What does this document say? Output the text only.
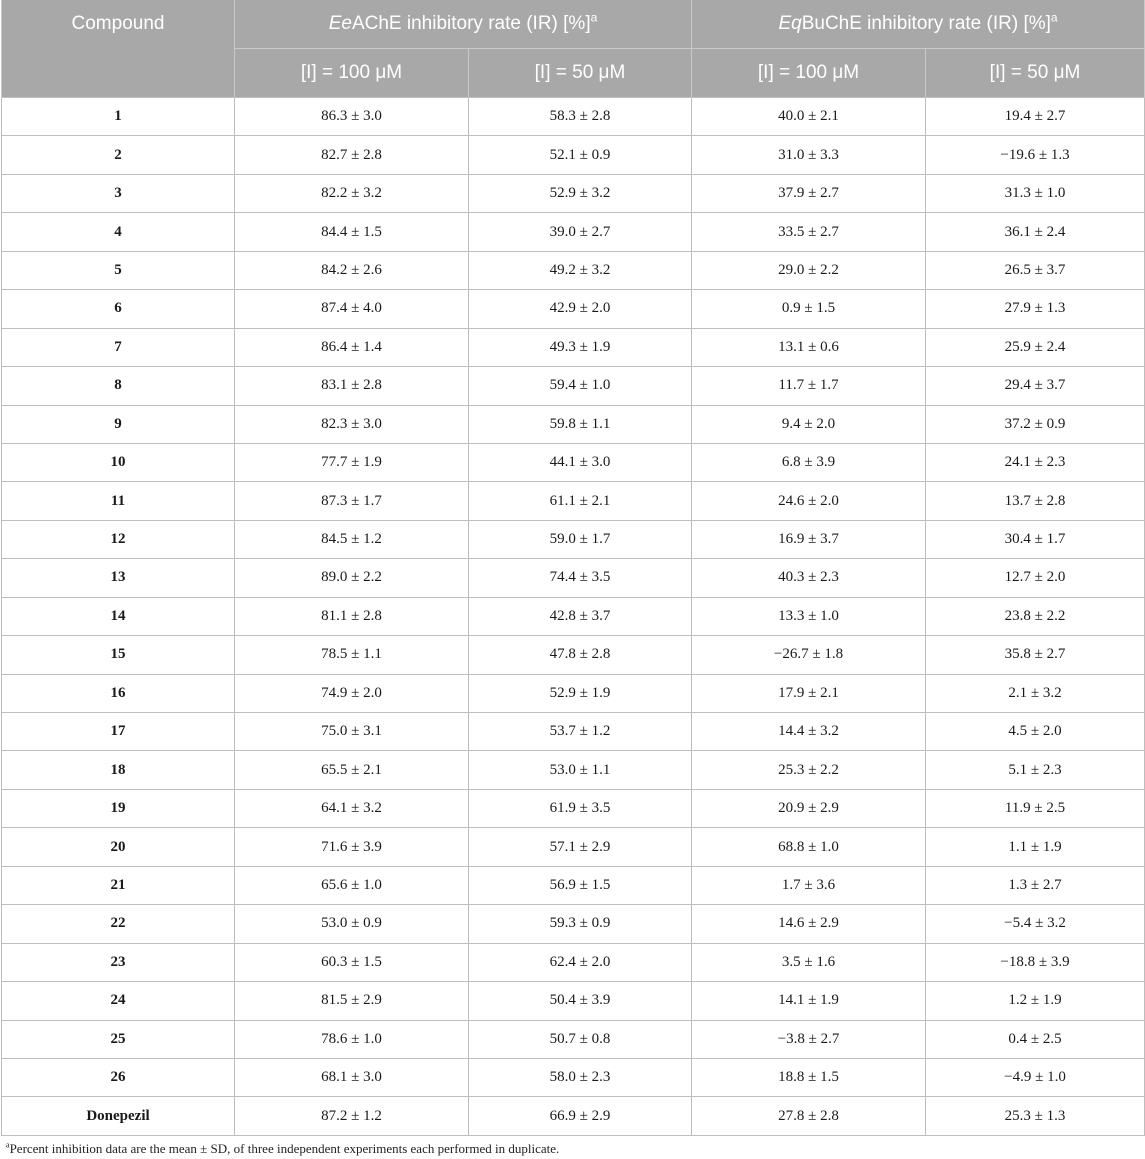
Compound	EeAChE inhibitory rate (IR) [%]$^a$		EqBuChE inhibitory rate (IR) [%]$^a$
	[I] = 100 μM	[I] = 50 μM	[I] = 100 μM	[I] = 50 μM
1	86.3 ± 3.0	58.3 ± 2.8	40.0 ± 2.1	19.4 ± 2.7
2	82.7 ± 2.8	52.1 ± 0.9	31.0 ± 3.3	−19.6 ± 1.3
3	82.2 ± 3.2	52.9 ± 3.2	37.9 ± 2.7	31.3 ± 1.0
4	84.4 ± 1.5	39.0 ± 2.7	33.5 ± 2.7	36.1 ± 2.4
5	84.2 ± 2.6	49.2 ± 3.2	29.0 ± 2.2	26.5 ± 3.7
6	87.4 ± 4.0	42.9 ± 2.0	0.9 ± 1.5	27.9 ± 1.3
7	86.4 ± 1.4	49.3 ± 1.9	13.1 ± 0.6	25.9 ± 2.4
8	83.1 ± 2.8	59.4 ± 1.0	11.7 ± 1.7	29.4 ± 3.7
9	82.3 ± 3.0	59.8 ± 1.1	9.4 ± 2.0	37.2 ± 0.9
10	77.7 ± 1.9	44.1 ± 3.0	6.8 ± 3.9	24.1 ± 2.3
11	87.3 ± 1.7	61.1 ± 2.1	24.6 ± 2.0	13.7 ± 2.8
12	84.5 ± 1.2	59.0 ± 1.7	16.9 ± 3.7	30.4 ± 1.7
13	89.0 ± 2.2	74.4 ± 3.5	40.3 ± 2.3	12.7 ± 2.0
14	81.1 ± 2.8	42.8 ± 3.7	13.3 ± 1.0	23.8 ± 2.2
15	78.5 ± 1.1	47.8 ± 2.8	−26.7 ± 1.8	35.8 ± 2.7
16	74.9 ± 2.0	52.9 ± 1.9	17.9 ± 2.1	2.1 ± 3.2
17	75.0 ± 3.1	53.7 ± 1.2	14.4 ± 3.2	4.5 ± 2.0
18	65.5 ± 2.1	53.0 ± 1.1	25.3 ± 2.2	5.1 ± 2.3
19	64.1 ± 3.2	61.9 ± 3.5	20.9 ± 2.9	11.9 ± 2.5
20	71.6 ± 3.9	57.1 ± 2.9	68.8 ± 1.0	1.1 ± 1.9
21	65.6 ± 1.0	56.9 ± 1.5	1.7 ± 3.6	1.3 ± 2.7
22	53.0 ± 0.9	59.3 ± 0.9	14.6 ± 2.9	−5.4 ± 3.2
23	60.3 ± 1.5	62.4 ± 2.0	3.5 ± 1.6	−18.8 ± 3.9
24	81.5 ± 2.9	50.4 ± 3.9	14.1 ± 1.9	1.2 ± 1.9
25	78.6 ± 1.0	50.7 ± 0.8	−3.8 ± 2.7	0.4 ± 2.5
26	68.1 ± 3.0	58.0 ± 2.3	18.8 ± 1.5	−4.9 ± 1.0
Donepezil	87.2 ± 1.2	66.9 ± 2.9	27.8 ± 2.8	25.3 ± 1.3
$^a$Percent inhibition data are the mean ± SD, of three independent experiments each performed in duplicate.
